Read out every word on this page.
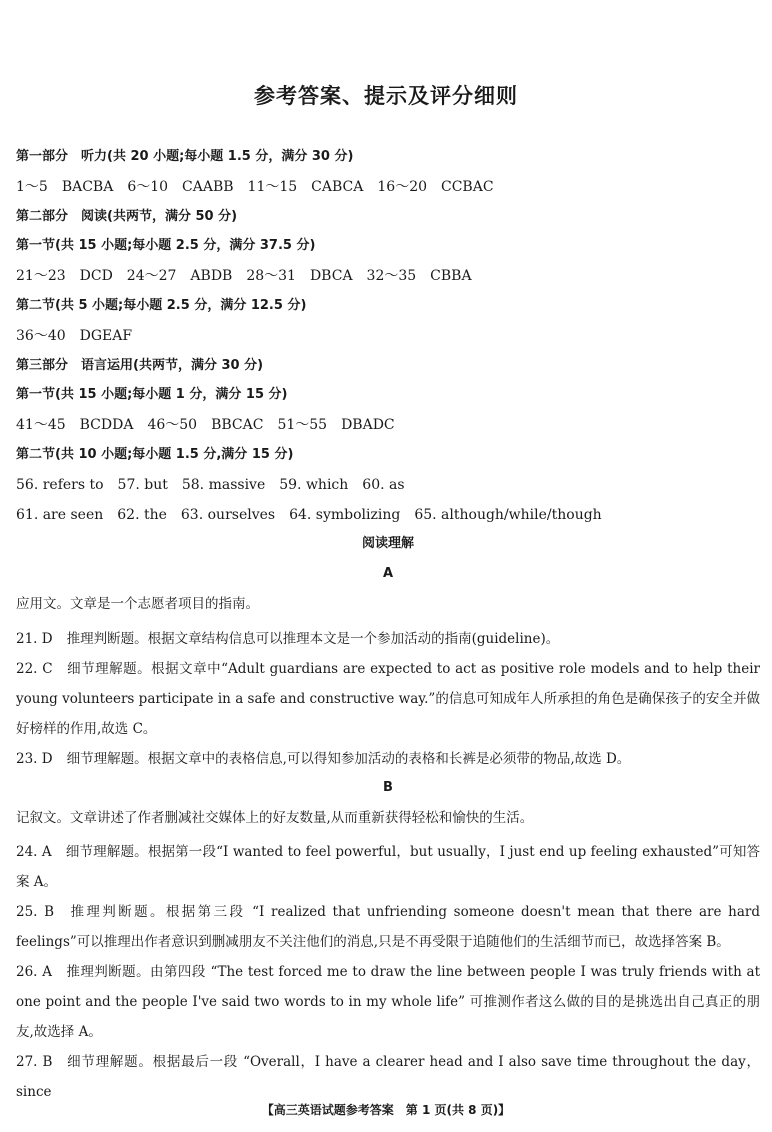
参考答案、提示及评分细则
第一部分　听力(共 20 小题;每小题 1.5 分，满分 30 分)
1～5　BACBA　6～10　CAABB　11～15　CABCA　16～20　CCBAC
第二部分　阅读(共两节，满分 50 分)
第一节(共 15 小题;每小题 2.5 分，满分 37.5 分)
21～23　DCD　24～27　ABDB　28～31　DBCA　32～35　CBBA
第二节(共 5 小题;每小题 2.5 分，满分 12.5 分)
36～40　DGEAF
第三部分　语言运用(共两节，满分 30 分)
第一节(共 15 小题;每小题 1 分，满分 15 分)
41～45　BCDDA　46～50　BBCAC　51～55　DBADC
第二节(共 10 小题;每小题 1.5 分,满分 15 分)
56. refers to　57. but　58. massive　59. which　60. as
61. are seen　62. the　63. ourselves　64. symbolizing　65. although/while/though
阅读理解
A
应用文。文章是一个志愿者项目的指南。
21. D 推理判断题。根据文章结构信息可以推理本文是一个参加活动的指南(guideline)。
22. C 细节理解题。根据文章中“Adult guardians are expected to act as positive role models and to help their young volunteers participate in a safe and constructive way.”的信息可知成年人所承担的角色是确保孩子的安全并做好榜样的作用,故选 C。
23. D 细节理解题。根据文章中的表格信息,可以得知参加活动的表格和长裤是必须带的物品,故选 D。
B
记叙文。文章讲述了作者删减社交媒体上的好友数量,从而重新获得轻松和愉快的生活。
24. A 细节理解题。根据第一段“I wanted to feel powerful，but usually，I just end up feeling exhausted”可知答案 A。
25. B 推理判断题。根据第三段 “I realized that unfriending someone doesn't mean that there are hard feelings”可以推理出作者意识到删减朋友不关注他们的消息,只是不再受限于追随他们的生活细节而已，故选择答案 B。
26. A 推理判断题。由第四段 “The test forced me to draw the line between people I was truly friends with at one point and the people I've said two words to in my whole life” 可推测作者这么做的目的是挑选出自己真正的朋友,故选择 A。
27. B 细节理解题。根据最后一段 “Overall，I have a clearer head and I also save time throughout the day，since
【高三英语试题参考答案　第 1 页(共 8 页)】
